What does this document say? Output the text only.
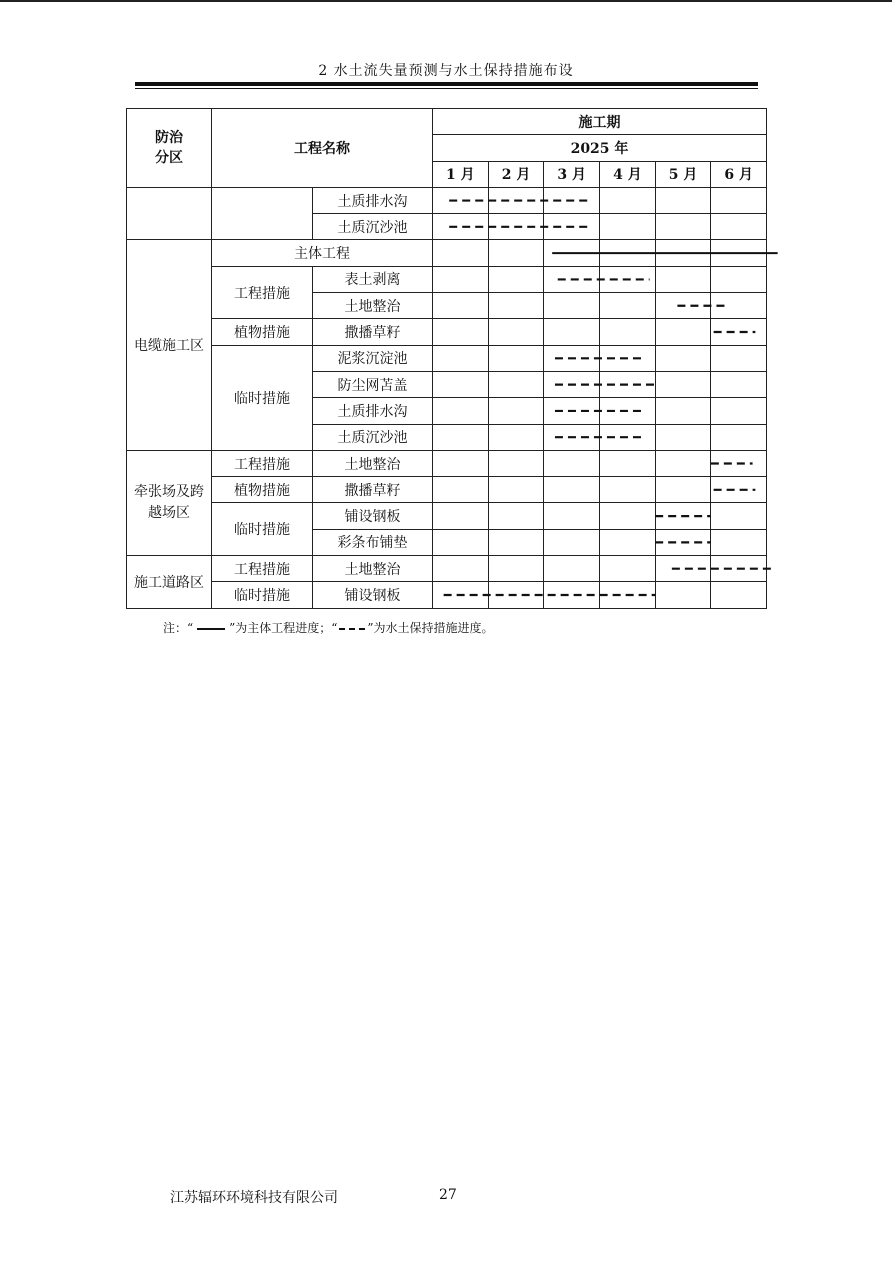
2 水土流失量预测与水土保持措施布设
防治
分区	工程名称		施工期					
			2025 年					
			1 月	2 月	3 月	4 月	5 月	6 月
		土质排水沟						
		土质沉沙池						
电缆施工区	主体工程							
	工程措施	表土剥离						
		土地整治						
	植物措施	撒播草籽						
	临时措施	泥浆沉淀池						
		防尘网苫盖						
		土质排水沟						
		土质沉沙池						
牵张场及跨
越场区	工程措施	土地整治						
	植物措施	撒播草籽						
	临时措施	铺设钢板						
		彩条布铺垫						
施工道路区	工程措施	土地整治						
	临时措施	铺设钢板						
注：“	”为主体工程进度；“	”为水土保持措施进度。
江苏辐环环境科技有限公司	27
